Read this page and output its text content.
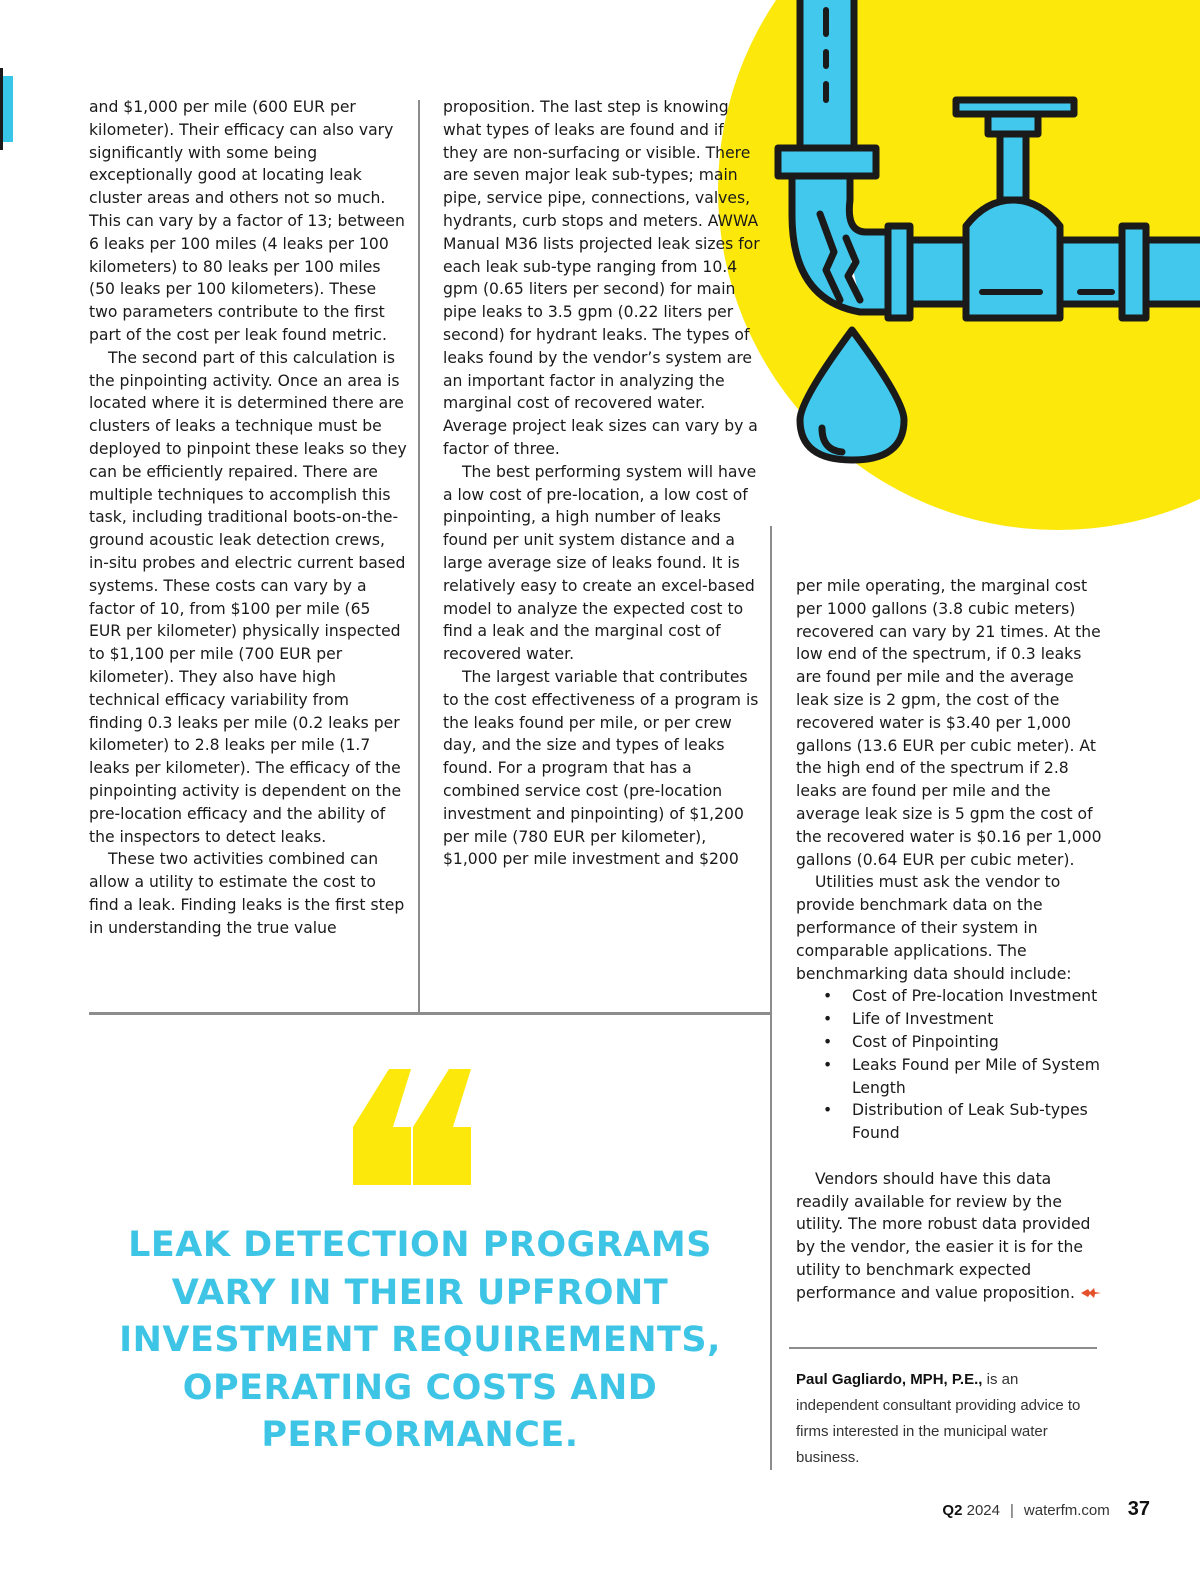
and $1,000 per mile (600 EUR per kilometer). Their efficacy can also vary significantly with some being exceptionally good at locating leak cluster areas and others not so much. This can vary by a factor of 13; between 6 leaks per 100 miles (4 leaks per 100 kilometers) to 80 leaks per 100 miles (50 leaks per 100 kilometers). These two parameters contribute to the first part of the cost per leak found metric.

The second part of this calculation is the pinpointing activity. Once an area is located where it is determined there are clusters of leaks a technique must be deployed to pinpoint these leaks so they can be efficiently repaired. There are multiple techniques to accomplish this task, including traditional boots-on-the-ground acoustic leak detection crews, in-situ probes and electric current based systems. These costs can vary by a factor of 10, from $100 per mile (65 EUR per kilometer) physically inspected to $1,100 per mile (700 EUR per kilometer). They also have high technical efficacy variability from finding 0.3 leaks per mile (0.2 leaks per kilometer) to 2.8 leaks per mile (1.7 leaks per kilometer). The efficacy of the pinpointing activity is dependent on the pre-location efficacy and the ability of the inspectors to detect leaks.

These two activities combined can allow a utility to estimate the cost to find a leak. Finding leaks is the first step in understanding the true value

proposition. The last step is knowing what types of leaks are found and if they are non-surfacing or visible. There are seven major leak sub-types; main pipe, service pipe, connections, valves, hydrants, curb stops and meters. AWWA Manual M36 lists projected leak sizes for each leak sub-type ranging from 10.4 gpm (0.65 liters per second) for main pipe leaks to 3.5 gpm (0.22 liters per second) for hydrant leaks. The types of leaks found by the vendor’s system are an important factor in analyzing the marginal cost of recovered water. Average project leak sizes can vary by a factor of three.

The best performing system will have a low cost of pre-location, a low cost of pinpointing, a high number of leaks found per unit system distance and a large average size of leaks found. It is relatively easy to create an excel-based model to analyze the expected cost to find a leak and the marginal cost of recovered water.

The largest variable that contributes to the cost effectiveness of a program is the leaks found per mile, or per crew day, and the size and types of leaks found. For a program that has a combined service cost (pre-location investment and pinpointing) of $1,200 per mile (780 EUR per kilometer), $1,000 per mile investment and $200

per mile operating, the marginal cost per 1000 gallons (3.8 cubic meters) recovered can vary by 21 times. At the low end of the spectrum, if 0.3 leaks are found per mile and the average leak size is 2 gpm, the cost of the recovered water is $3.40 per 1,000 gallons (13.6 EUR per cubic meter). At the high end of the spectrum if 2.8 leaks are found per mile and the average leak size is 5 gpm the cost of the recovered water is $0.16 per 1,000 gallons (0.64 EUR per cubic meter).

Utilities must ask the vendor to provide benchmark data on the performance of their system in comparable applications. The benchmarking data should include:

• Cost of Pre-location Investment
• Life of Investment
• Cost of Pinpointing
• Leaks Found per Mile of System Length
• Distribution of Leak Sub-types Found

Vendors should have this data readily available for review by the utility. The more robust data provided by the vendor, the easier it is for the utility to benchmark expected performance and value proposition.

LEAK DETECTION PROGRAMS VARY IN THEIR UPFRONT INVESTMENT REQUIREMENTS, OPERATING COSTS AND PERFORMANCE.
Paul Gagliardo, MPH, P.E., is an independent consultant providing advice to firms interested in the municipal water business.
Q2 2024 | waterfm.com 37
